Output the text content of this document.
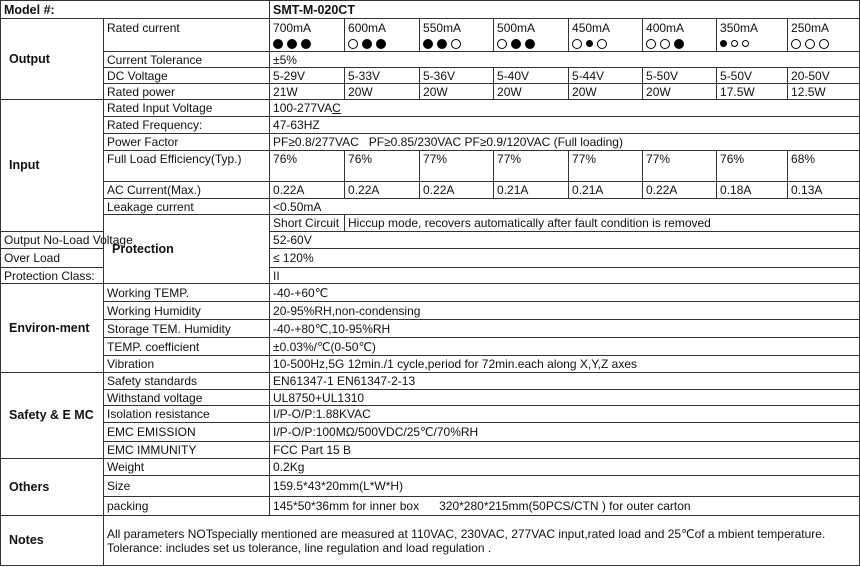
Model #:		SMT-M-020CT							
Output	Rated current	700mA	600mA	550mA	500mA	450mA	400mA	350mA	250mA

	Current Tolerance	±5%							
	DC Voltage	5-29V	5-33V	5-36V	5-40V	5-44V	5-50V	5-50V	20-50V
	Rated power	21W	20W	20W	20W	20W	20W	17.5W	12.5W
Input	Rated Input Voltage	100-277VAC							
	Rated Frequency:	47-63HZ							
	Power Factor	PF≥0.8/277VAC   PF≥0.85/230VAC PF≥0.9/120VAC (Full loading)							
	Full Load Efficiency(Typ.)	76%	76%	77%	77%	77%	77%	76%	68%
	AC Current(Max.)	0.22A	0.22A	0.22A	0.21A	0.21A	0.22A	0.18A	0.13A
	Leakage current	<0.50mA							
	Protection	Short Circuit	Hiccup mode, recovers automatically after fault condition is removed						
Output No-Load Voltage		52-60V							
Over Load		≤ 120%							
Protection Class:		II							
Environ-ment	Working TEMP.	-40-+60℃							
	Working Humidity	20-95%RH,non-condensing							
	Storage TEM. Humidity	-40-+80℃,10-95%RH							
	TEMP. coefficient	±0.03%/℃(0-50℃)							
	Vibration	10-500Hz,5G 12min./1 cycle,period for 72min.each along X,Y,Z axes							
Safety & E MC	Safety standards	EN61347-1 EN61347-2-13							
	Withstand voltage	UL8750+UL1310							
	Isolation resistance	I/P-O/P:1.88KVAC							
	EMC EMISSION	I/P-O/P:100MΩ/500VDC/25℃/70%RH							
	EMC IMMUNITY	FCC Part 15 B							
Others	Weight	0.2Kg							
	Size	159.5*43*20mm(L*W*H)							
	packing	145*50*36mm for inner box      320*280*215mm(50PCS/CTN ) for outer carton							
Notes	All parameters NOTspecially mentioned are measured at 110VAC, 230VAC, 277VAC input,rated load and 25℃of a mbient temperature.
Tolerance: includes set us tolerance, line regulation and load regulation .								
